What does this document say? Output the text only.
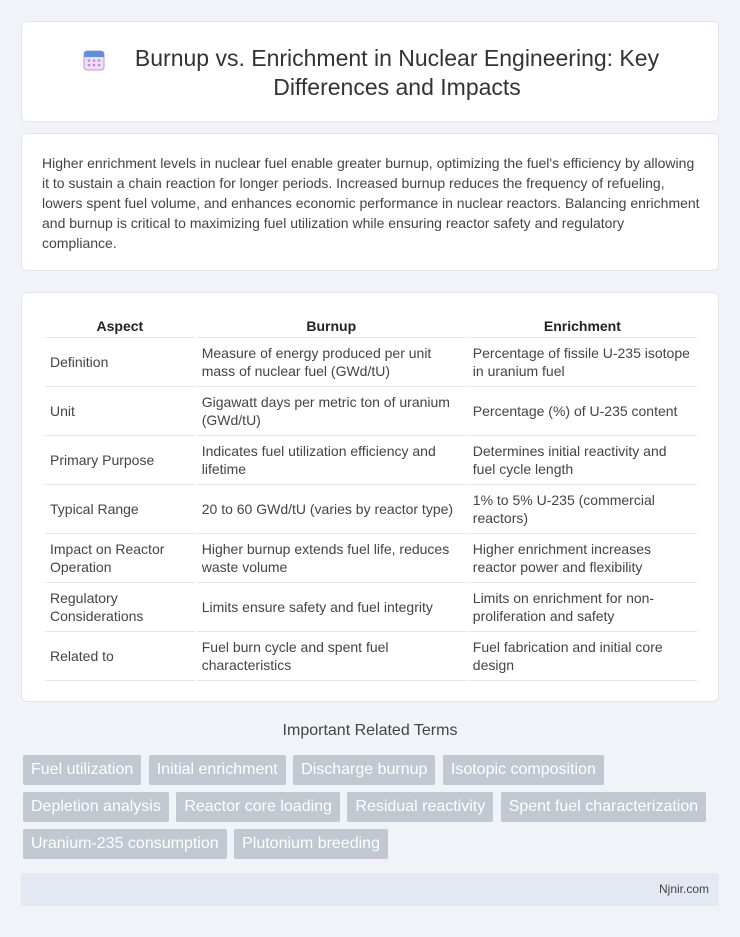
Burnup vs. Enrichment in Nuclear Engineering: Key Differences and Impacts

Higher enrichment levels in nuclear fuel enable greater burnup, optimizing the fuel's efficiency by allowing it to sustain a chain reaction for longer periods. Increased burnup reduces the frequency of refueling, lowers spent fuel volume, and enhances economic performance in nuclear reactors. Balancing enrichment and burnup is critical to maximizing fuel utilization while ensuring reactor safety and regulatory compliance.

Aspect	Burnup	Enrichment
Definition	Measure of energy produced per unit mass of nuclear fuel (GWd/tU)	Percentage of fissile U-235 isotope in uranium fuel
Unit	Gigawatt days per metric ton of uranium (GWd/tU)	Percentage (%) of U-235 content
Primary Purpose	Indicates fuel utilization efficiency and lifetime	Determines initial reactivity and fuel cycle length
Typical Range	20 to 60 GWd/tU (varies by reactor type)	1% to 5% U-235 (commercial reactors)
Impact on Reactor Operation	Higher burnup extends fuel life, reduces waste volume	Higher enrichment increases reactor power and flexibility
Regulatory Considerations	Limits ensure safety and fuel integrity	Limits on enrichment for non-proliferation and safety
Related to	Fuel burn cycle and spent fuel characteristics	Fuel fabrication and initial core design
Important Related Terms
Fuel utilization Initial enrichment Discharge burnup Isotopic composition Depletion analysis Reactor core loading Residual reactivity Spent fuel characterization Uranium-235 consumption Plutonium breeding
Njnir.com
